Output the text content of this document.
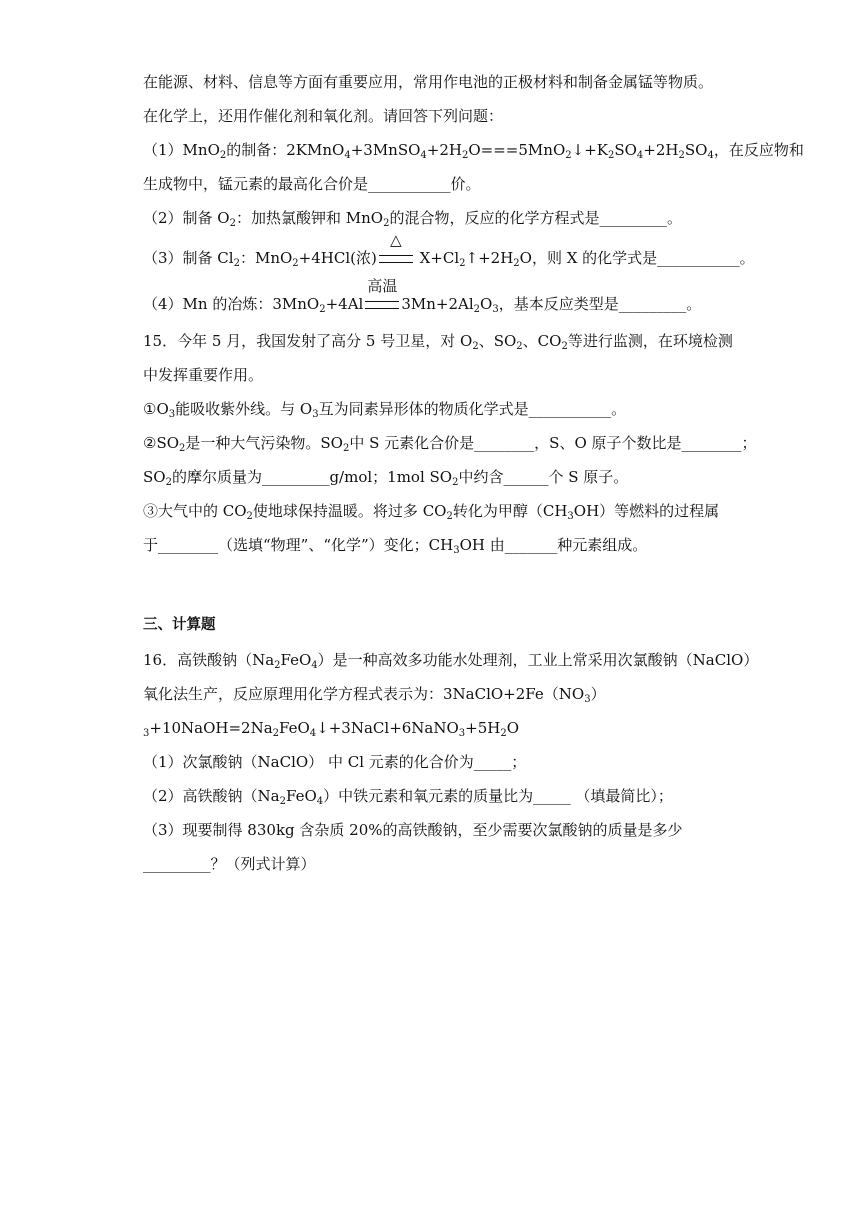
在能源、材料、信息等方面有重要应用，常用作电池的正极材料和制备金属锰等物质。
在化学上，还用作催化剂和氧化剂。请回答下列问题：
（1）MnO$_2$的制备：$2KMnO_4+3MnSO_4+2H_2O===5MnO_2↓+K_2SO_4+2H_2SO_4$，在反应物和
生成物中，锰元素的最高化合价是___________价。
（2）制备 $O_2$：加热氯酸钾和 MnO$_2$的混合物，反应的化学方程式是_________。
（3）制备 $Cl_2$：MnO$_2$+4HCl(浓)
△
$X+Cl_2↑+2H_2O$，则 X 的化学式是___________。
（4）Mn 的冶炼：3MnO$_2$+4Al
高温
$3Mn+2Al_2O_3$，基本反应类型是_________。
15．今年 5 月，我国发射了高分 5 号卫星，对 $O_2$、$SO_2$、$CO_2$等进行监测，在环境检测
中发挥重要作用。
$①O_3$能吸收紫外线。与 $O_3$互为同素异形体的物质化学式是___________。
$②SO_2$是一种大气污染物。$SO_2$中 S 元素化合价是________，S、O 原子个数比是________；
$SO_2$的摩尔质量为_________g/mol；1mol $SO_2$中约含______个 S 原子。
③大气中的 $CO_2$使地球保持温暖。将过多 $CO_2$转化为甲醇$(CH_3OH)$等燃料的过程属
于________（选填“物理”、“化学”）变化；$CH_3OH$ 由_______种元素组成。
三、计算题
16．高铁酸钠$(Na_2FeO_4)$是一种高效多功能水处理剂，工业上常采用次氯酸钠（NaClO）
氧化法生产，反应原理用化学方程式表示为：$3NaClO+2Fe(NO_3)$
$_3+10NaOH=2Na_2FeO_4↓+3NaCl+6NaNO_3+5H_2O$
（1）次氯酸钠（NaClO） 中 Cl 元素的化合价为_____；
（2）高铁酸钠$(Na_2FeO_4)$中铁元素和氧元素的质量比为_____ （填最简比）；
（3）现要制得 830kg 含杂质 20%的高铁酸钠，至少需要次氯酸钠的质量是多少
_________？（列式计算）
